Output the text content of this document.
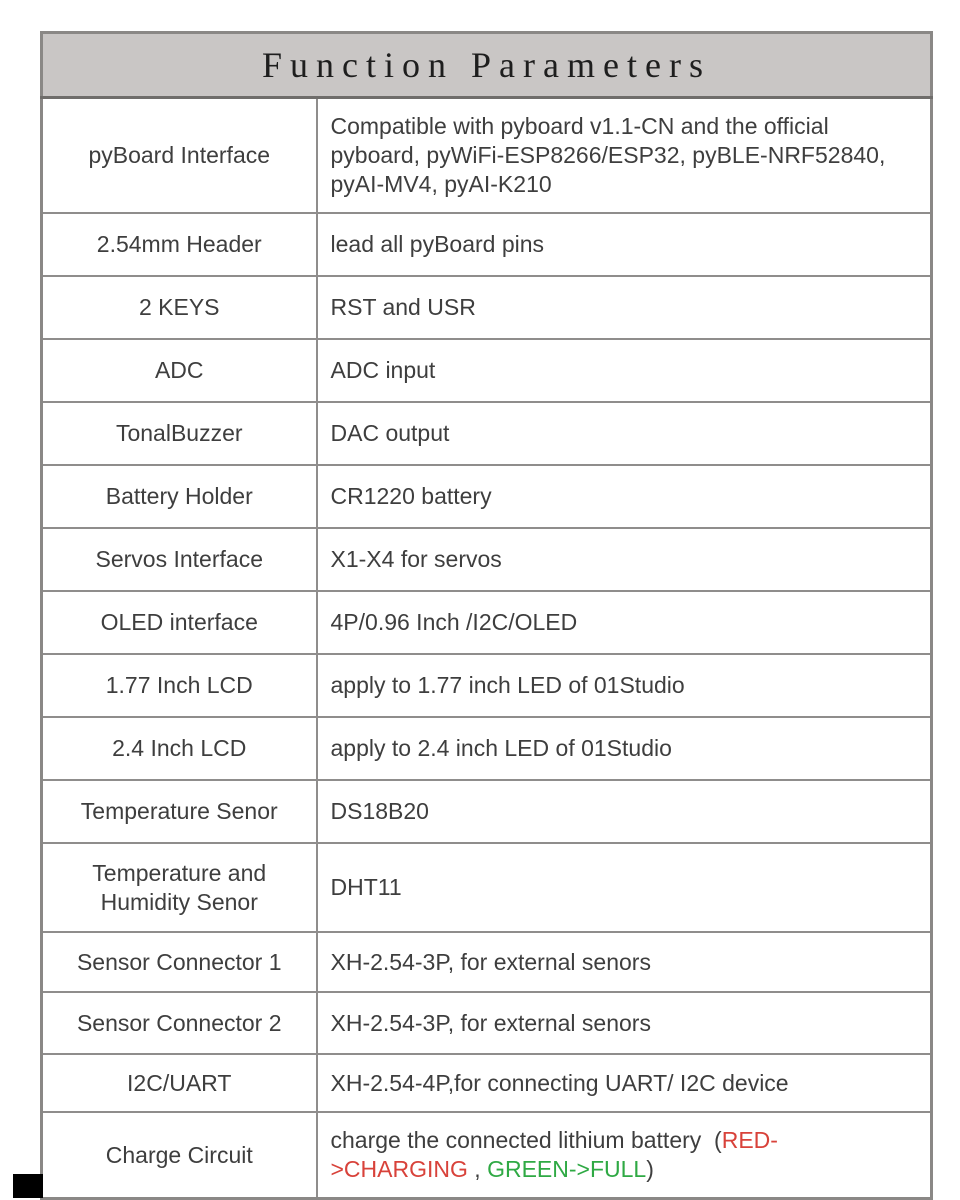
Function Parameters	
pyBoard Interface	Compatible with pyboard v1.1-CN and the official pyboard, pyWiFi-ESP8266/ESP32, pyBLE-NRF52840, pyAI-MV4, pyAI-K210
2.54mm Header	lead all pyBoard pins
2 KEYS	RST and USR
ADC	ADC input
TonalBuzzer	DAC output
Battery Holder	CR1220 battery
Servos Interface	X1-X4 for servos
OLED interface	4P/0.96 Inch /I2C/OLED
1.77 Inch LCD	apply to 1.77 inch LED of 01Studio
2.4 Inch LCD	apply to 2.4 inch LED of 01Studio
Temperature Senor	DS18B20
Temperature and Humidity Senor	DHT11
Sensor Connector 1	XH-2.54-3P, for external senors
Sensor Connector 2	XH-2.54-3P, for external senors
I2C/UART	XH-2.54-4P,for connecting UART/ I2C device
Charge Circuit	charge the connected lithium battery  (RED->CHARGING , GREEN->FULL)
